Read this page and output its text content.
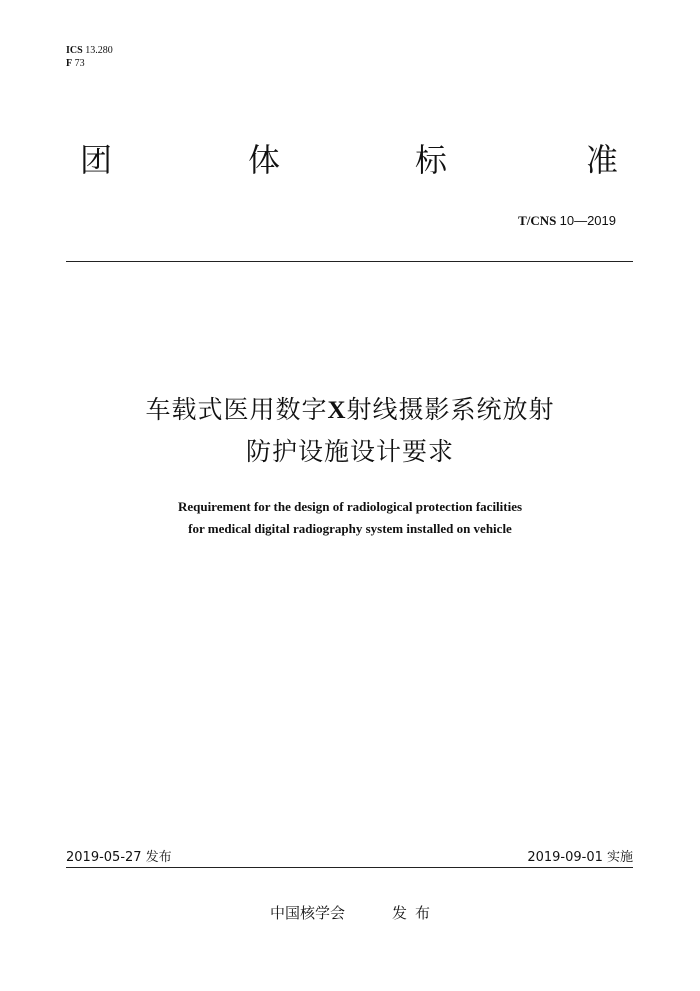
ICS 13.280
F 73
团	体	标	准
T/CNS 10—2019
车载式医用数字X射线摄影系统放射
防护设施设计要求
Requirement for the design of radiological protection facilities
for medical digital radiography system installed on vehicle
2019-05-27 发布	2019-09-01 实施
中国核学会	发布
